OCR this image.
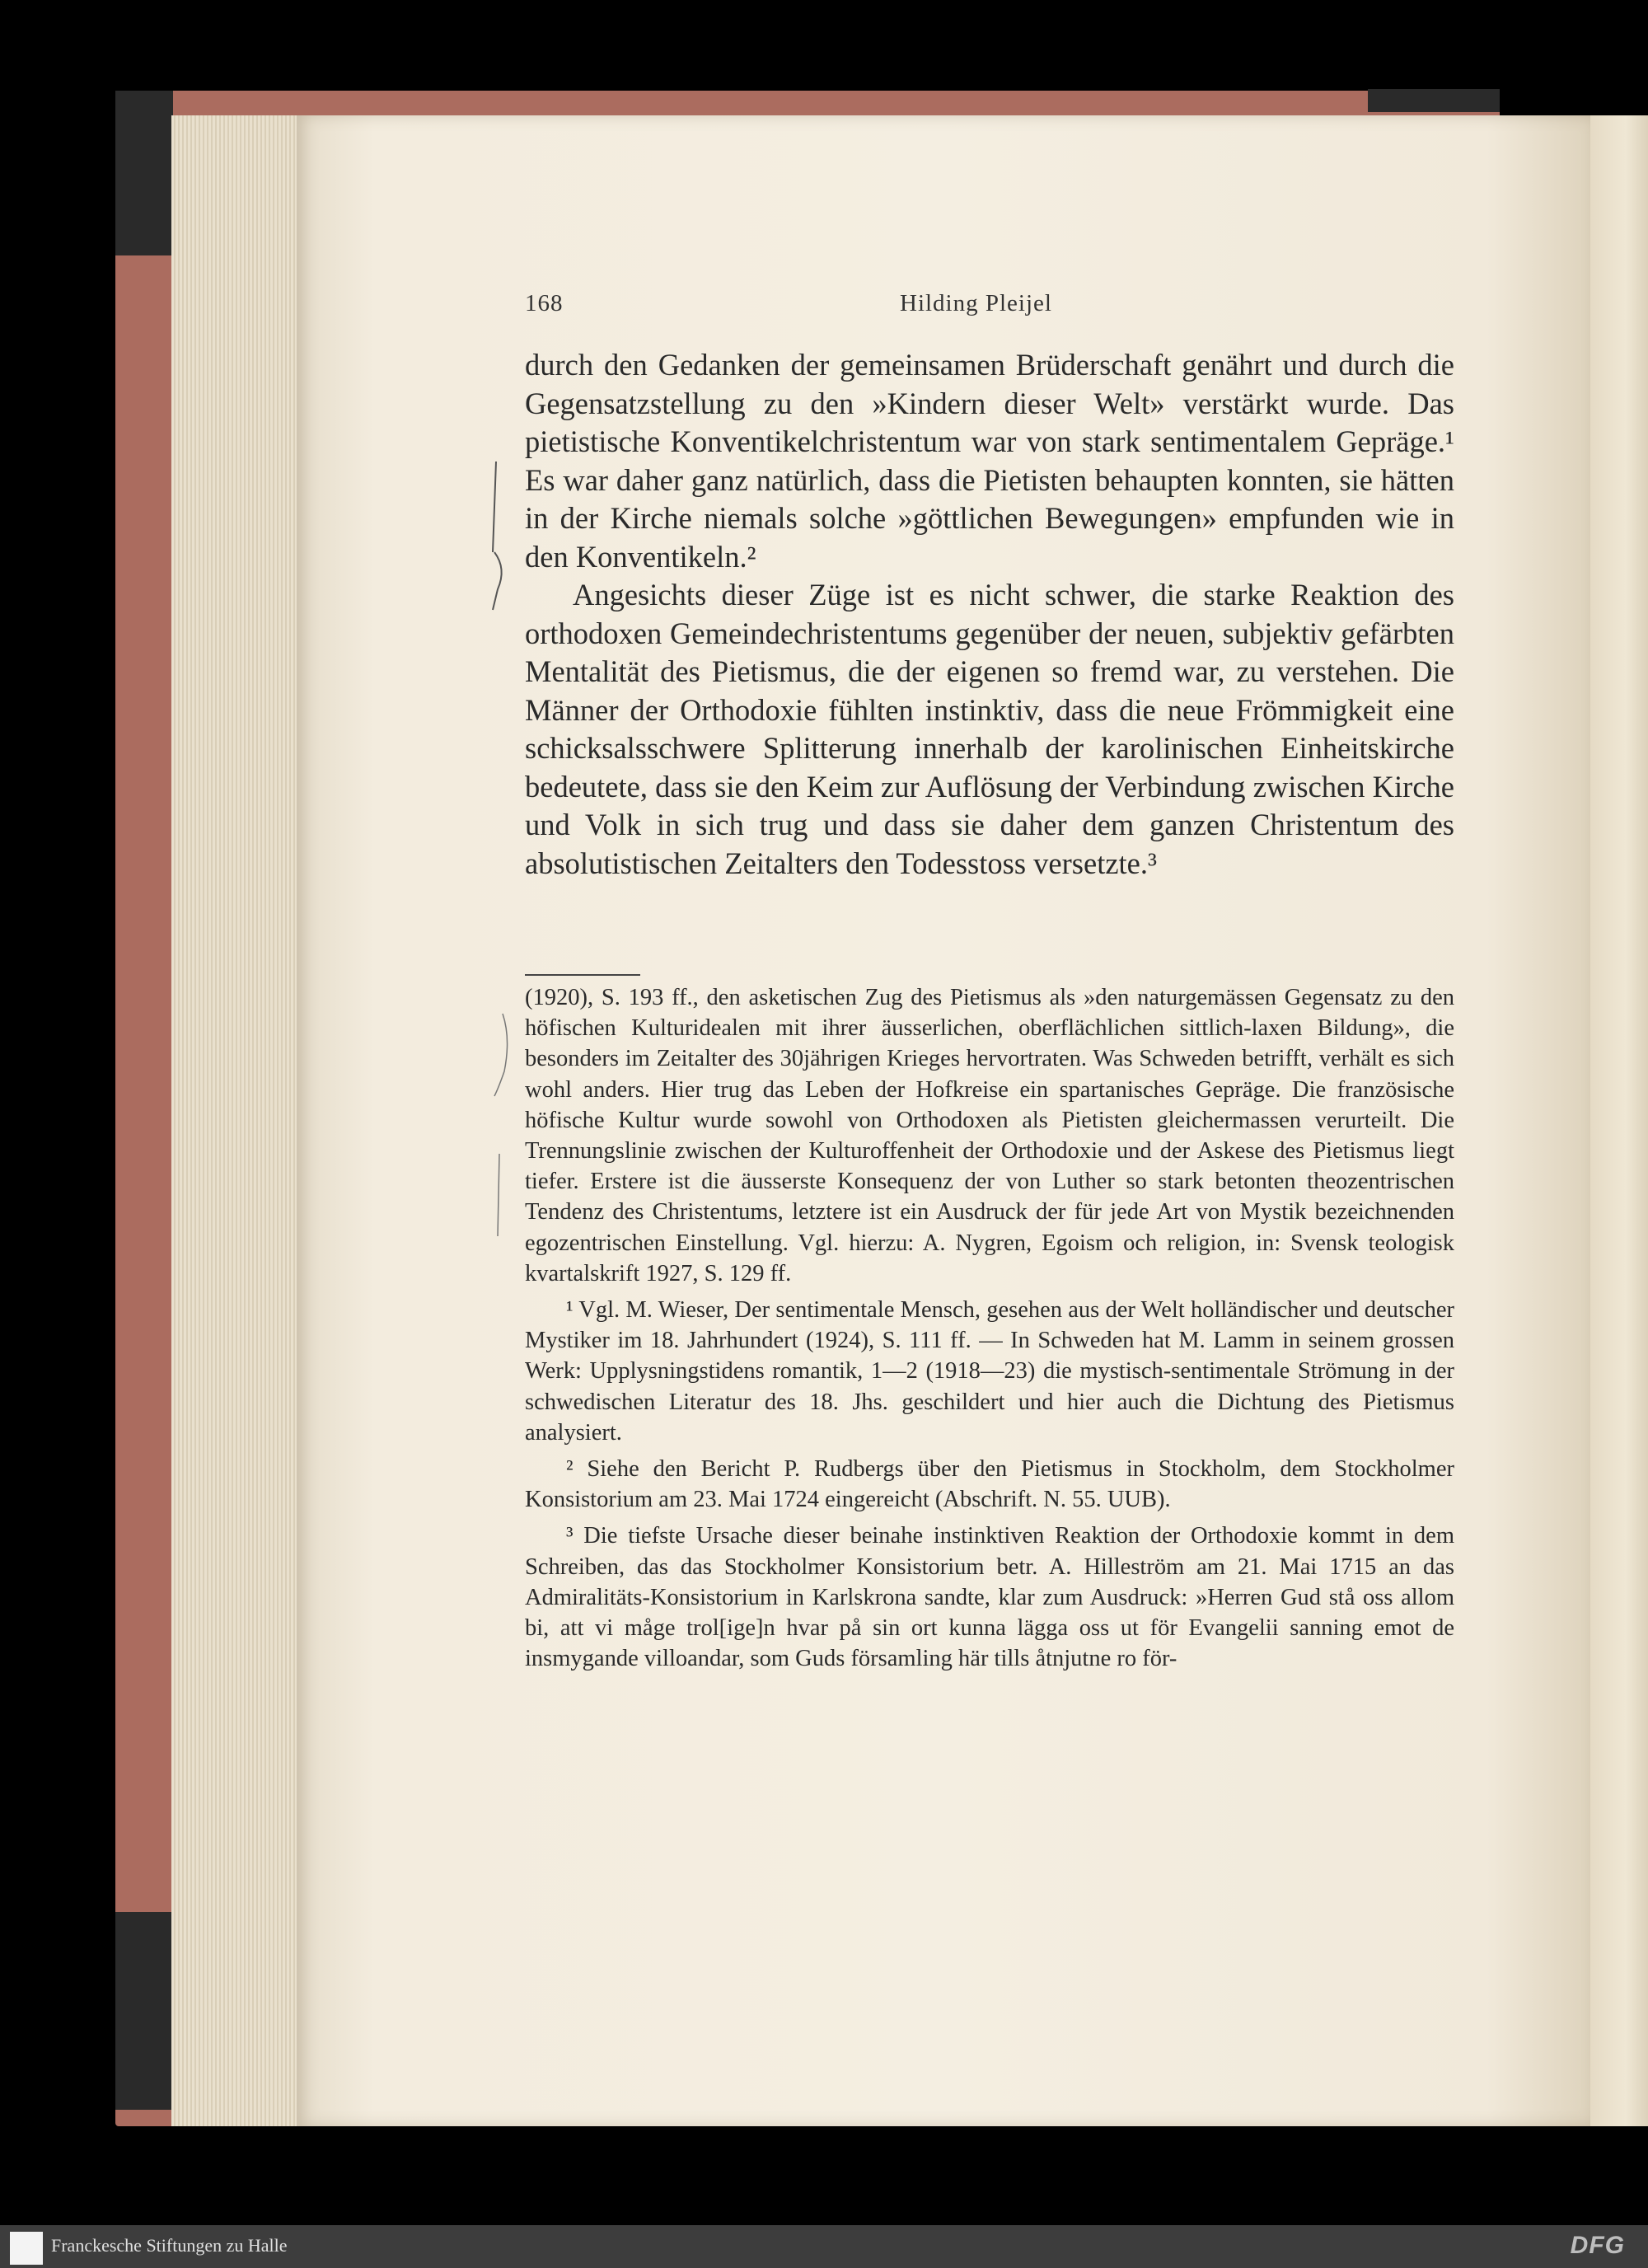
168	Hilding Pleijel

durch den Gedanken der gemeinsamen Brüderschaft genährt und durch die Gegensatzstellung zu den »Kindern dieser Welt» verstärkt wurde. Das pietistische Konventikelchristentum war von stark sentimentalem Gepräge.¹ Es war daher ganz natürlich, dass die Pietisten behaupten konnten, sie hätten in der Kirche niemals solche »göttlichen Bewegungen» empfunden wie in den Konventikeln.²

Angesichts dieser Züge ist es nicht schwer, die starke Reaktion des orthodoxen Gemeindechristentums gegenüber der neuen, subjektiv gefärbten Mentalität des Pietismus, die der eigenen so fremd war, zu verstehen. Die Männer der Orthodoxie fühlten instinktiv, dass die neue Frömmigkeit eine schicksalsschwere Splitterung innerhalb der karolinischen Einheitskirche bedeutete, dass sie den Keim zur Auflösung der Verbindung zwischen Kirche und Volk in sich trug und dass sie daher dem ganzen Christentum des absolutistischen Zeitalters den Todesstoss versetzte.³

(1920), S. 193 ff., den asketischen Zug des Pietismus als »den naturgemässen Gegensatz zu den höfischen Kulturidealen mit ihrer äusserlichen, oberflächlichen sittlich-laxen Bildung», die besonders im Zeitalter des 30jährigen Krieges hervortraten. Was Schweden betrifft, verhält es sich wohl anders. Hier trug das Leben der Hofkreise ein spartanisches Gepräge. Die französische höfische Kultur wurde sowohl von Orthodoxen als Pietisten gleichermassen verurteilt. Die Trennungslinie zwischen der Kulturoffenheit der Orthodoxie und der Askese des Pietismus liegt tiefer. Erstere ist die äusserste Konsequenz der von Luther so stark betonten theozentrischen Tendenz des Christentums, letztere ist ein Ausdruck der für jede Art von Mystik bezeichnenden egozentrischen Einstellung. Vgl. hierzu: A. Nygren, Egoism och religion, in: Svensk teologisk kvartalskrift 1927, S. 129 ff.

¹ Vgl. M. Wieser, Der sentimentale Mensch, gesehen aus der Welt holländischer und deutscher Mystiker im 18. Jahrhundert (1924), S. 111 ff. — In Schweden hat M. Lamm in seinem grossen Werk: Upplysningstidens romantik, 1—2 (1918—23) die mystisch-sentimentale Strömung in der schwedischen Literatur des 18. Jhs. geschildert und hier auch die Dichtung des Pietismus analysiert.

² Siehe den Bericht P. Rudbergs über den Pietismus in Stockholm, dem Stockholmer Konsistorium am 23. Mai 1724 eingereicht (Abschrift. N. 55. UUB).

³ Die tiefste Ursache dieser beinahe instinktiven Reaktion der Orthodoxie kommt in dem Schreiben, das das Stockholmer Konsistorium betr. A. Hilleström am 21. Mai 1715 an das Admiralitäts-Konsistorium in Karlskrona sandte, klar zum Ausdruck: »Herren Gud stå oss allom bi, att vi måge trol[ige]n hvar på sin ort kunna lägga oss ut för Evangelii sanning emot de insmygande villoandar, som Guds församling här tills åtnjutne ro för-

Franckesche Stiftungen zu Halle	DFG
